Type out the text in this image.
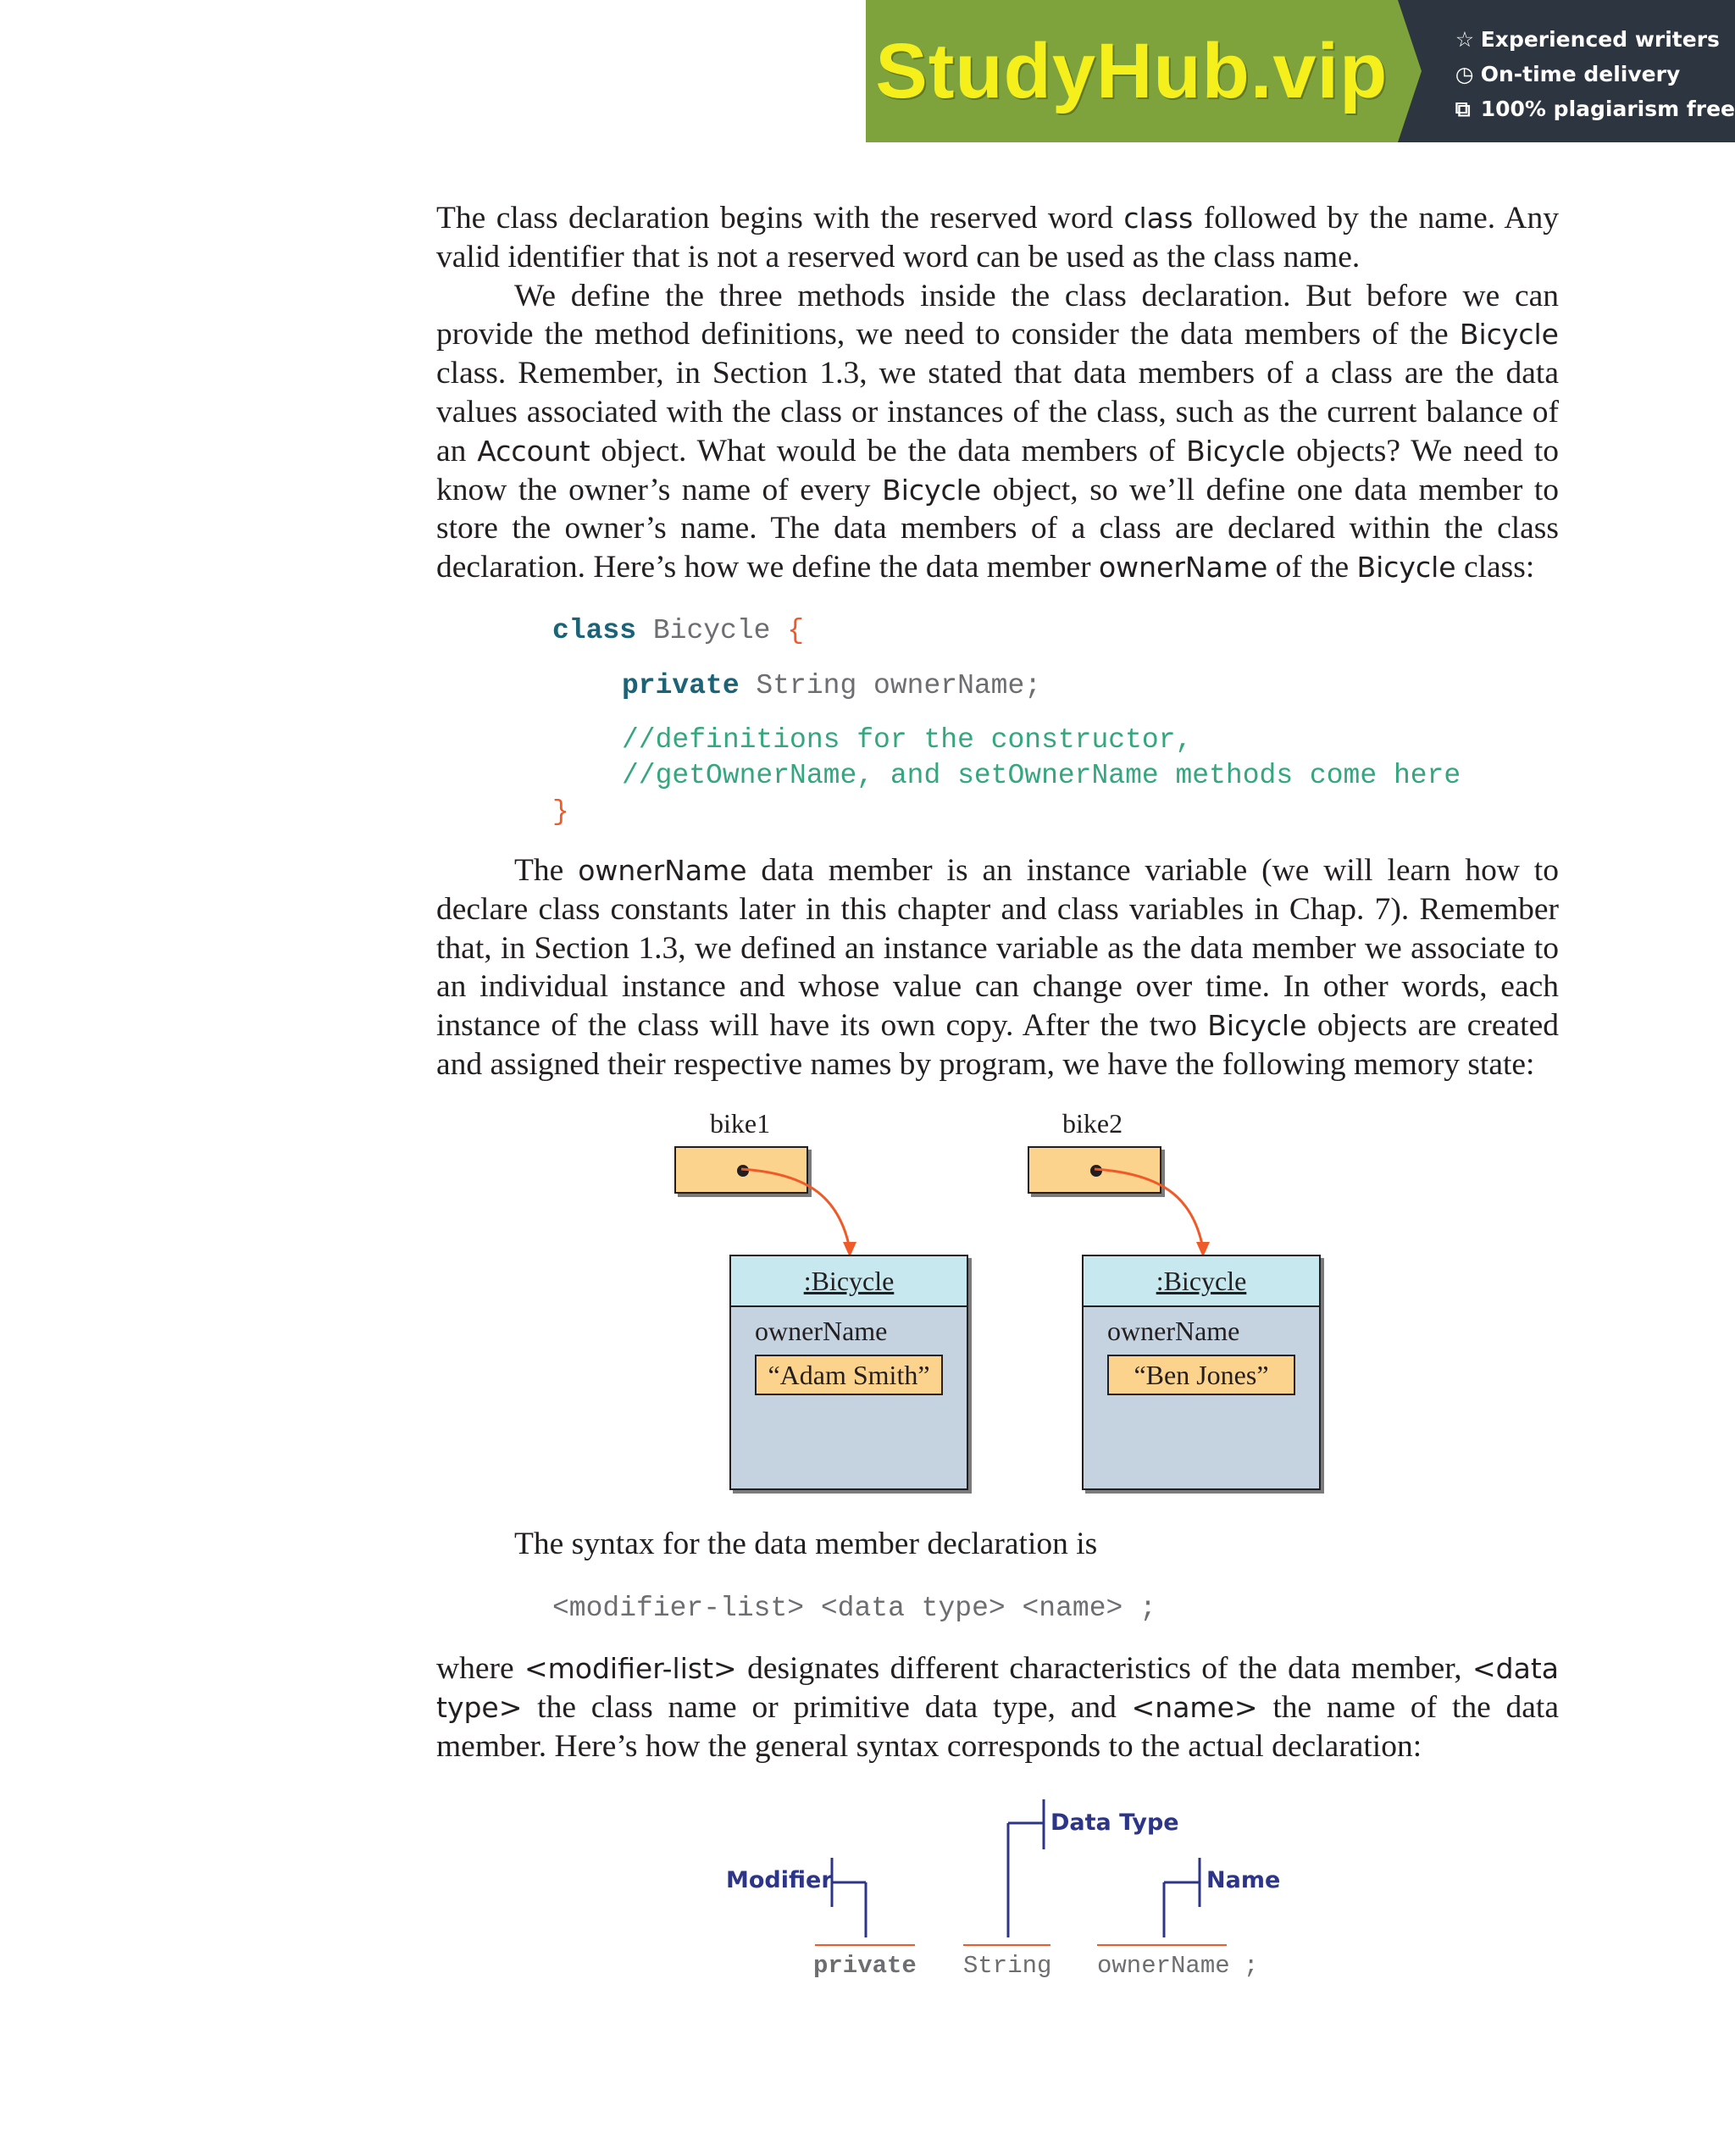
StudyHub.vip	☆ Experienced writers
◷ On-time delivery
⧉ 100% plagiarism free

The class declaration begins with the reserved word class followed by the name. Any valid identifier that is not a reserved word can be used as the class name.

We define the three methods inside the class declaration. But before we can provide the method definitions, we need to consider the data members of the Bicycle class. Remember, in Section 1.3, we stated that data members of a class are the data values associated with the class or instances of the class, such as the current balance of an Account object. What would be the data members of Bicycle objects? We need to know the owner’s name of every Bicycle object, so we’ll define one data member to store the owner’s name. The data members of a class are declared within the class declaration. Here’s how we define the data member ownerName of the Bicycle class:

class Bicycle {
private String ownerName;
//definitions for the constructor,
//getOwnerName, and setOwnerName methods come here
}

The ownerName data member is an instance variable (we will learn how to declare class constants later in this chapter and class variables in Chap. 7). Remember that, in Section 1.3, we defined an instance variable as the data member we associate to an individual instance and whose value can change over time. In other words, each instance of the class will have its own copy. After the two Bicycle objects are created and assigned their respective names by program, we have the following memory state:

bike1	bike2
:Bicycle
ownerName
“Adam Smith”
:Bicycle
ownerName
“Ben Jones”
The syntax for the data member declaration is
<modifier-list> <data type> <name> ;

where <modifier-list> designates different characteristics of the data member, <data type> the class name or primitive data type, and <name> the name of the data member. Here’s how the general syntax corresponds to the actual declaration:

Modifier
Data Type
Name
private String ownerName ;
